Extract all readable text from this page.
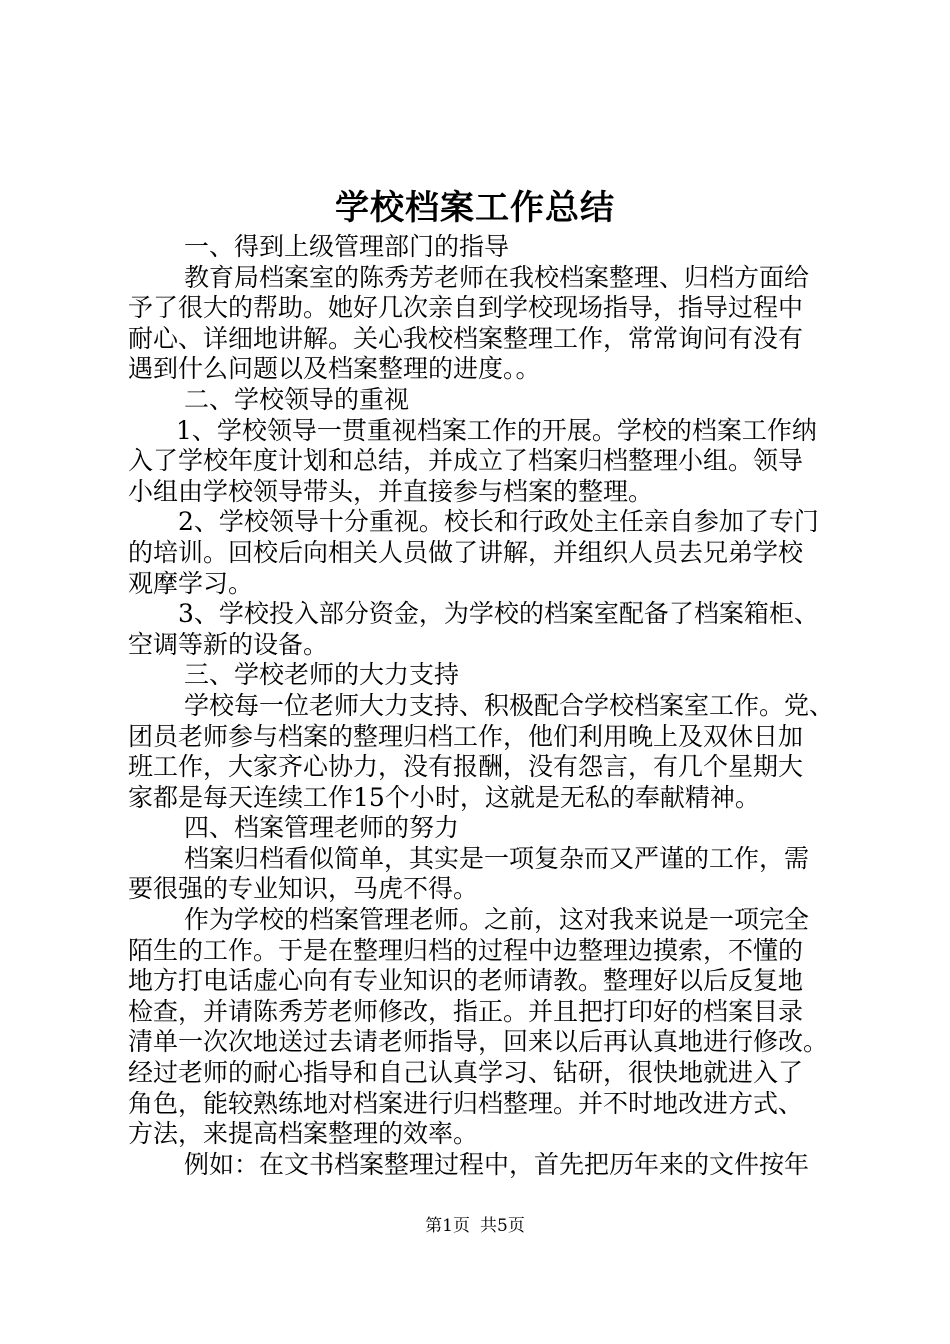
学校档案工作总结
一、得到上级管理部门的指导
教育局档案室的陈秀芳老师在我校档案整理、归档方面给
予了很大的帮助。她好几次亲自到学校现场指导，指导过程中
耐心、详细地讲解。关心我校档案整理工作，常常询问有没有
遇到什么问题以及档案整理的进度。。
二、学校领导的重视
1、学校领导一贯重视档案工作的开展。学校的档案工作纳
入了学校年度计划和总结，并成立了档案归档整理小组。领导
小组由学校领导带头，并直接参与档案的整理。
2、学校领导十分重视。校长和行政处主任亲自参加了专门
的培训。回校后向相关人员做了讲解，并组织人员去兄弟学校
观摩学习。
3、学校投入部分资金，为学校的档案室配备了档案箱柜、
空调等新的设备。
三、学校老师的大力支持
学校每一位老师大力支持、积极配合学校档案室工作。党、
团员老师参与档案的整理归档工作，他们利用晚上及双休日加
班工作，大家齐心协力，没有报酬，没有怨言，有几个星期大
家都是每天连续工作15个小时，这就是无私的奉献精神。
四、档案管理老师的努力
档案归档看似简单，其实是一项复杂而又严谨的工作，需
要很强的专业知识，马虎不得。
作为学校的档案管理老师。之前，这对我来说是一项完全
陌生的工作。于是在整理归档的过程中边整理边摸索，不懂的
地方打电话虚心向有专业知识的老师请教。整理好以后反复地
检查，并请陈秀芳老师修改，指正。并且把打印好的档案目录
清单一次次地送过去请老师指导，回来以后再认真地进行修改。
经过老师的耐心指导和自己认真学习、钻研，很快地就进入了
角色，能较熟练地对档案进行归档整理。并不时地改进方式、
方法，来提高档案整理的效率。
例如：在文书档案整理过程中，首先把历年来的文件按年
第1页 共5页
